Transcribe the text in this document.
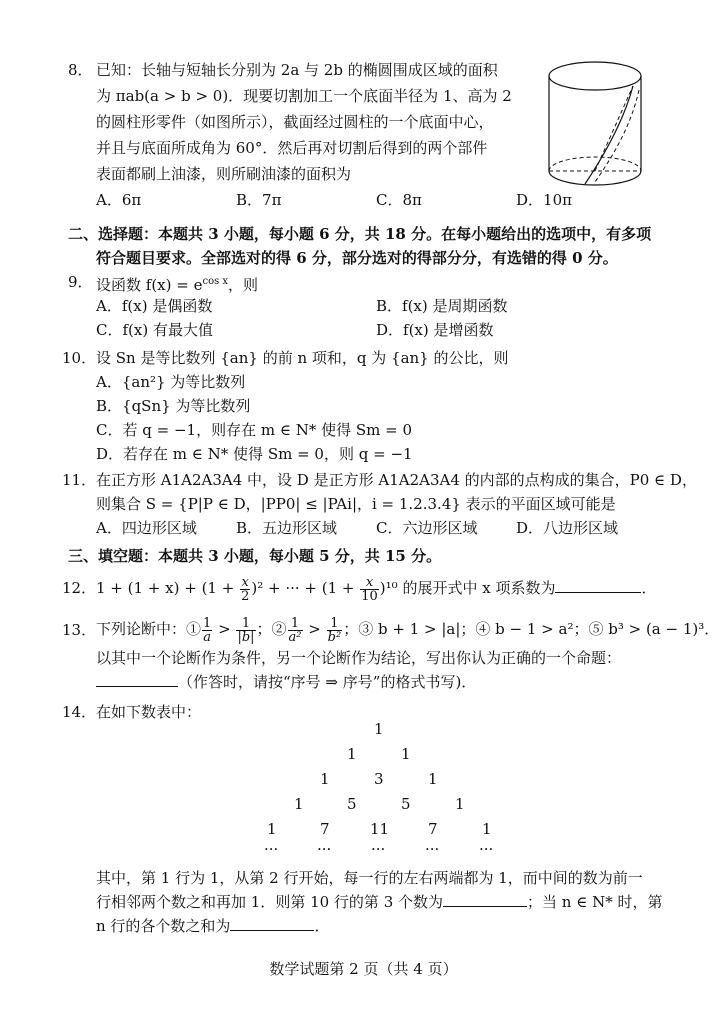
8． 已知：长轴与短轴长分别为 2a 与 2b 的椭圆围成区域的面积
为 πab(a > b > 0)．现要切割加工一个底面半径为 1、高为 2
的圆柱形零件（如图所示），截面经过圆柱的一个底面中心，
并且与底面所成角为 60°．然后再对切割后得到的两个部件
表面都刷上油漆，则所刷油漆的面积为
A．6π	B．7π	C．8π	D．10π
二、选择题：本题共 3 小题，每小题 6 分，共 18 分。在每小题给出的选项中，有多项
符合题目要求。全部选对的得 6 分，部分选对的得部分分，有选错的得 0 分。
9． 设函数 $f(x) = e^{cos x}$，则
A．f(x) 是偶函数	B．f(x) 是周期函数
C．f(x) 有最大值	D．f(x) 是增函数
10． 设 Sn 是等比数列 {an} 的前 n 项和，q 为 {an} 的公比，则
A．{an²} 为等比数列
B．{qSn} 为等比数列
C．若 q = −1，则存在 m ∈ N* 使得 Sm = 0
D．若存在 m ∈ N* 使得 Sm = 0，则 q = −1
11． 在正方形 A1A2A3A4 中，设 D 是正方形 A1A2A3A4 的内部的点构成的集合，P0 ∈ D，
则集合 S = {P|P ∈ D，|PP0| ≤ |PAi|，i = 1.2.3.4} 表示的平面区域可能是
A．四边形区域	B．五边形区域	C．六边形区域	D．八边形区域
三、填空题：本题共 3 小题，每小题 5 分，共 15 分。
12． $1 + (1 + x) + (1 + \frac{x}{2} )^2$ + ··· + $(1 + \frac{x}{10} )^{10}$ 的展开式中 x 项系数为	．
13． 下列论断中：① $\frac{1}{a} > \frac{1}{|b|}$ ；② $\frac{1}{\text{a²}} > \frac{1}{\text{b²}}$ ；③ b + 1 > |a|；④ b − 1 > a²；⑤ b³ > (a − 1)³．
以其中一个论断作为条件，另一个论断作为结论，写出你认为正确的一个命题：
（作答时，请按“序号 ⇒ 序号”的格式书写)．
14． 在如下数表中：
1
1	1
1	3	1
1	5	5	1
1	7	11	7	1
···	···	···	···	···
其中，第 1 行为 1，从第 2 行开始，每一行的左右两端都为 1，而中间的数为前一
行相邻两个数之和再加 1．则第 10 行的第 3 个数为	；当 n ∈ N* 时，第
n 行的各个数之和为	．
数学试题第 2 页（共 4 页）
